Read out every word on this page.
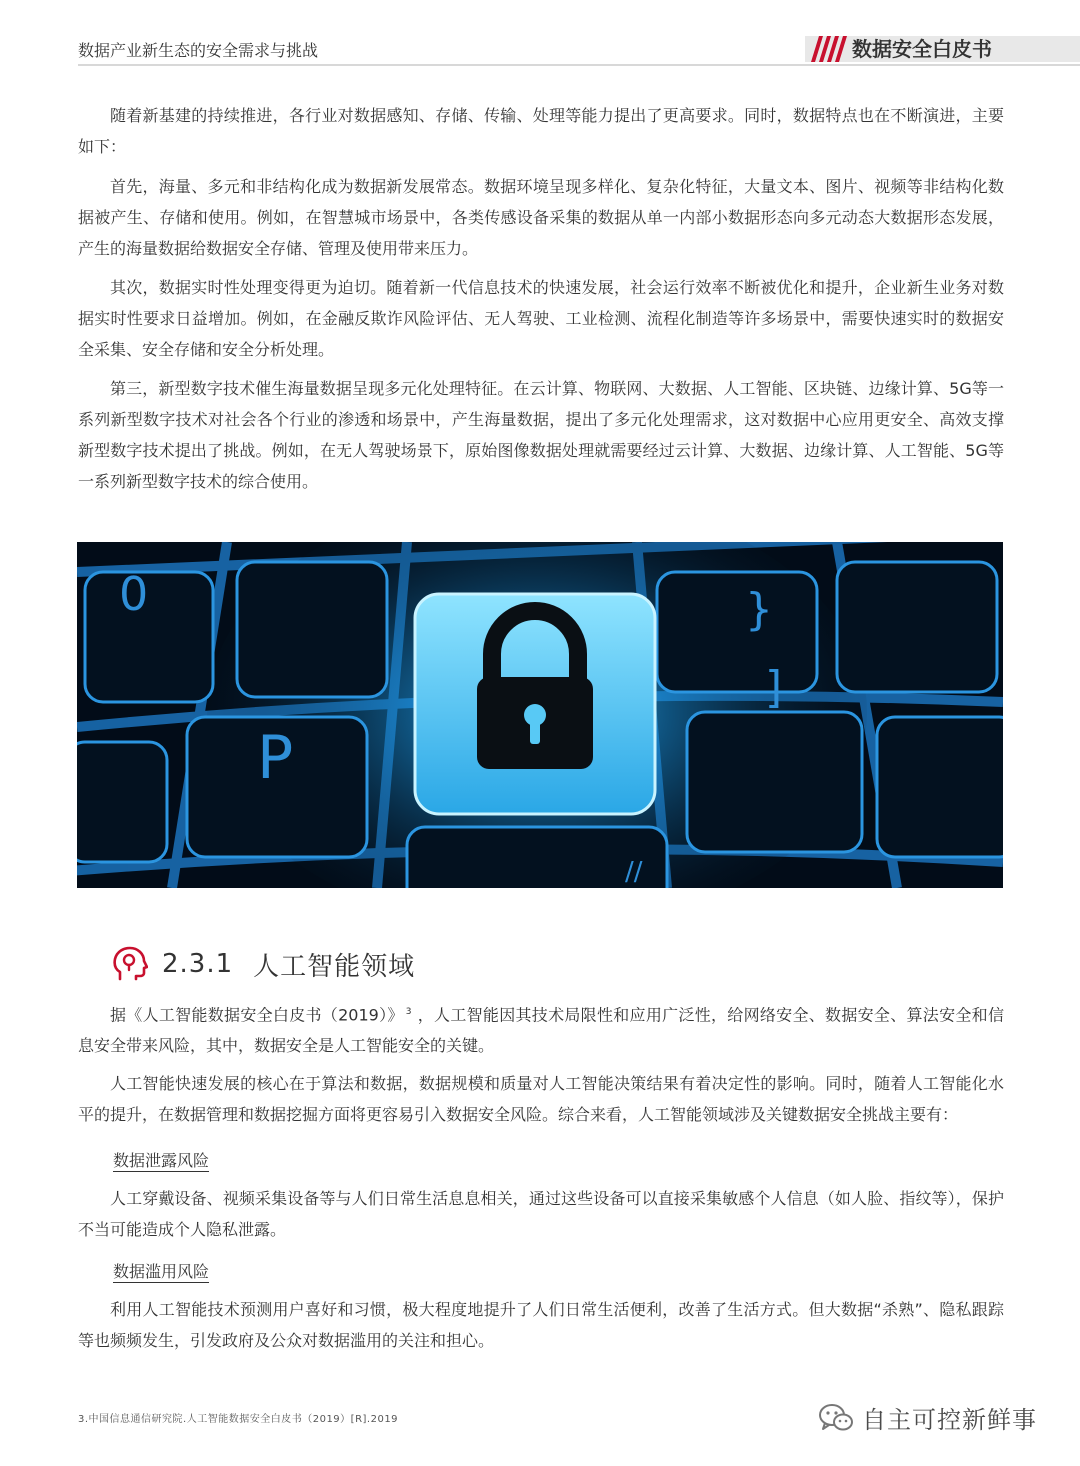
数据产业新生态的安全需求与挑战	数据安全白皮书

随着新基建的持续推进，各行业对数据感知、存储、传输、处理等能力提出了更高要求。同时，数据特点也在不断演进，主要如下：

首先，海量、多元和非结构化成为数据新发展常态。数据环境呈现多样化、复杂化特征，大量文本、图片、视频等非结构化数据被产生、存储和使用。例如，在智慧城市场景中，各类传感设备采集的数据从单一内部小数据形态向多元动态大数据形态发展，产生的海量数据给数据安全存储、管理及使用带来压力。

其次，数据实时性处理变得更为迫切。随着新一代信息技术的快速发展，社会运行效率不断被优化和提升，企业新生业务对数据实时性要求日益增加。例如，在金融反欺诈风险评估、无人驾驶、工业检测、流程化制造等许多场景中，需要快速实时的数据安全采集、安全存储和安全分析处理。

第三，新型数字技术催生海量数据呈现多元化处理特征。在云计算、物联网、大数据、人工智能、区块链、边缘计算、5G等一系列新型数字技术对社会各个行业的渗透和场景中，产生海量数据，提出了多元化处理需求，这对数据中心应用更安全、高效支撑新型数字技术提出了挑战。例如，在无人驾驶场景下，原始图像数据处理就需要经过云计算、大数据、边缘计算、人工智能、5G等一系列新型数字技术的综合使用。

0
P
}
]
//
2.3.1 人工智能领域

据《人工智能数据安全白皮书（2019）》 $^3$ ，人工智能因其技术局限性和应用广泛性，给网络安全、数据安全、算法安全和信息安全带来风险，其中，数据安全是人工智能安全的关键。

人工智能快速发展的核心在于算法和数据，数据规模和质量对人工智能决策结果有着决定性的影响。同时，随着人工智能化水平的提升，在数据管理和数据挖掘方面将更容易引入数据安全风险。综合来看，人工智能领域涉及关键数据安全挑战主要有：

数据泄露风险

人工穿戴设备、视频采集设备等与人们日常生活息息相关，通过这些设备可以直接采集敏感个人信息（如人脸、指纹等），保护不当可能造成个人隐私泄露。

数据滥用风险

利用人工智能技术预测用户喜好和习惯，极大程度地提升了人们日常生活便利，改善了生活方式。但大数据“杀熟”、隐私跟踪等也频频发生，引发政府及公众对数据滥用的关注和担心。

3.中国信息通信研究院.人工智能数据安全白皮书（2019）[R].2019	自主可控新鲜事
